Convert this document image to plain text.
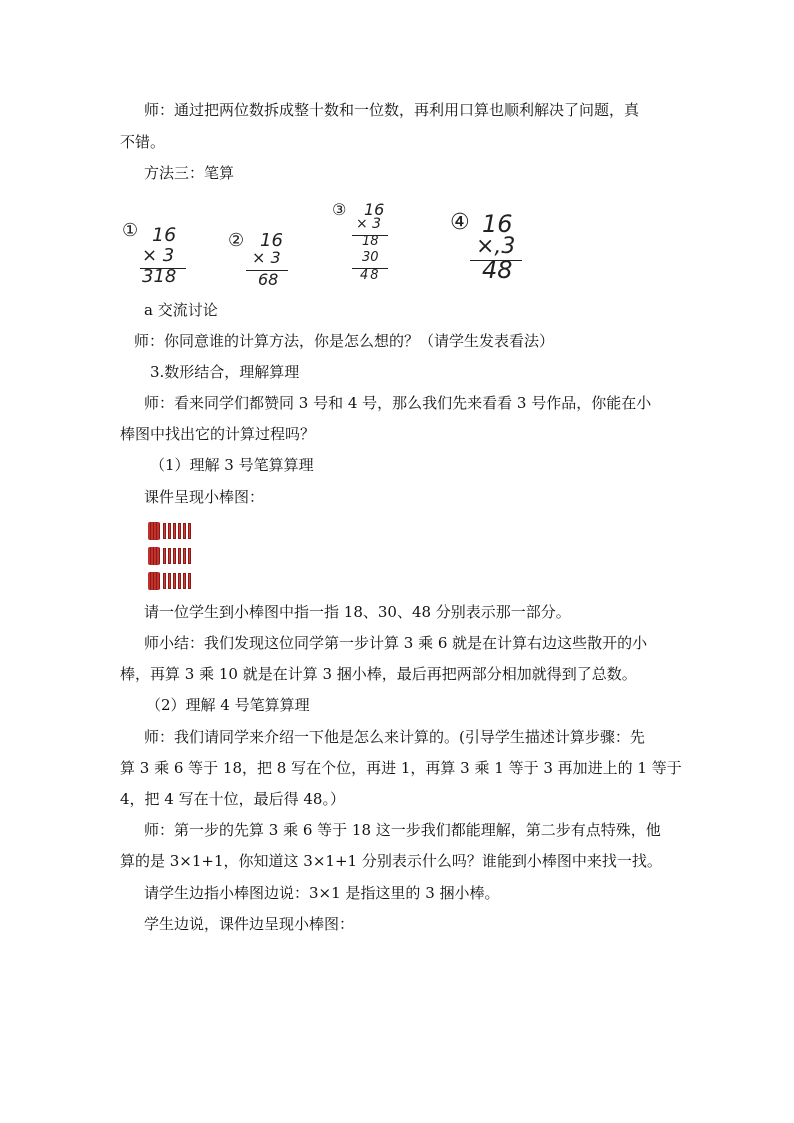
师：通过把两位数拆成整十数和一位数，再利用口算也顺利解决了问题，真

不错。

方法三：笔算

① 16
× 3
318
② 16
× 3
68
③ 16
× 3
18
30
48
④ 16
×,3
48

a 交流讨论

师：你同意谁的计算方法，你是怎么想的？（请学生发表看法）

3.数形结合，理解算理

师：看来同学们都赞同 3 号和 4 号，那么我们先来看看 3 号作品，你能在小

棒图中找出它的计算过程吗？

（1）理解 3 号笔算算理

课件呈现小棒图：

请一位学生到小棒图中指一指 18、30、48 分别表示那一部分。

师小结：我们发现这位同学第一步计算 3 乘 6 就是在计算右边这些散开的小

棒，再算 3 乘 10 就是在计算 3 捆小棒，最后再把两部分相加就得到了总数。

（2）理解 4 号笔算算理

师：我们请同学来介绍一下他是怎么来计算的。(引导学生描述计算步骤：先

算 3 乘 6 等于 18，把 8 写在个位，再进 1，再算 3 乘 1 等于 3 再加进上的 1 等于

4，把 4 写在十位，最后得 48。）

师：第一步的先算 3 乘 6 等于 18 这一步我们都能理解，第二步有点特殊，他

算的是 3×1+1，你知道这 3×1+1 分别表示什么吗？谁能到小棒图中来找一找。

请学生边指小棒图边说：3×1 是指这里的 3 捆小棒。

学生边说，课件边呈现小棒图：
